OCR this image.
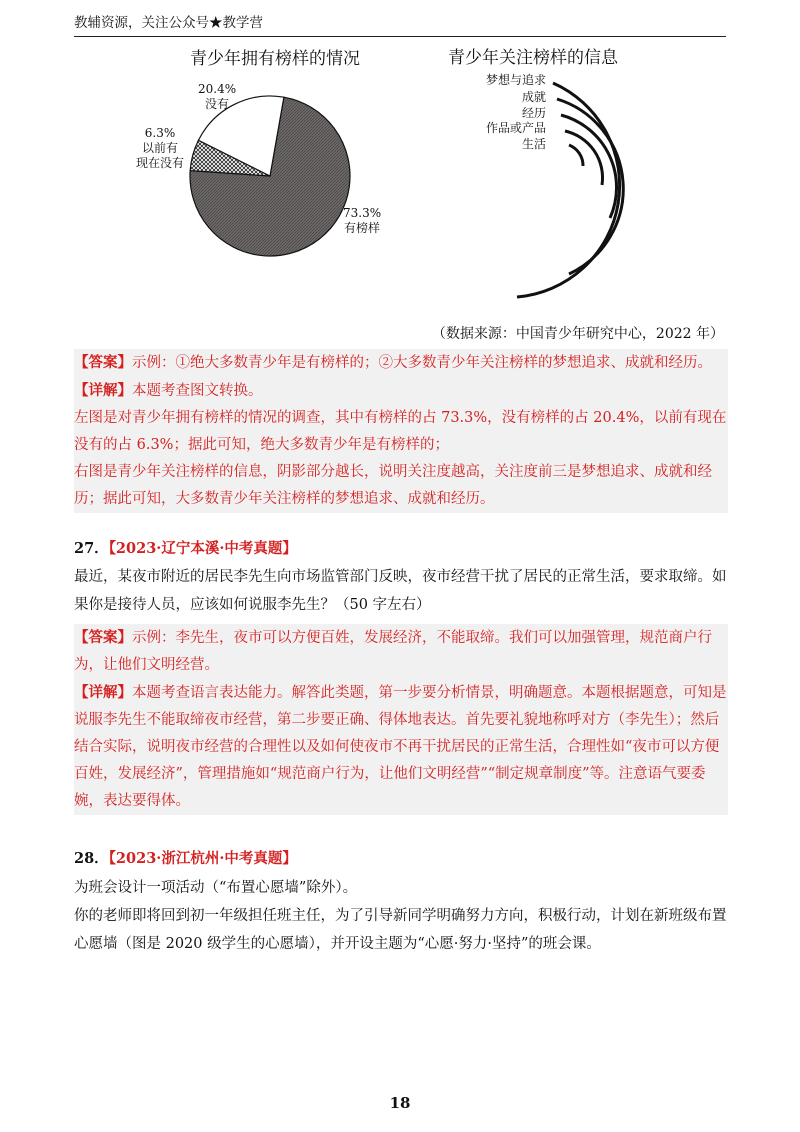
教辅资源，关注公众号★教学营
青少年拥有榜样的情况
20.4%
没有
6.3%
以前有
现在没有
73.3%
有榜样
青少年关注榜样的信息
梦想与追求
成就
经历
作品或产品
生活
（数据来源：中国青少年研究中心，2022 年）

【答案】示例：①绝大多数青少年是有榜样的；②大多数青少年关注榜样的梦想追求、成就和经历。

【详解】本题考查图文转换。

左图是对青少年拥有榜样的情况的调查，其中有榜样的占 73.3%，没有榜样的占 20.4%，以前有现在没有的占 6.3%；据此可知，绝大多数青少年是有榜样的；

右图是青少年关注榜样的信息，阴影部分越长，说明关注度越高，关注度前三是梦想追求、成就和经历；据此可知，大多数青少年关注榜样的梦想追求、成就和经历。

27．【2023·辽宁本溪·中考真题】

最近，某夜市附近的居民李先生向市场监管部门反映，夜市经营干扰了居民的正常生活，要求取缔。如果你是接待人员，应该如何说服李先生？（50 字左右）

【答案】示例：李先生，夜市可以方便百姓，发展经济，不能取缔。我们可以加强管理，规范商户行为，让他们文明经营。

【详解】本题考查语言表达能力。解答此类题，第一步要分析情景，明确题意。本题根据题意，可知是说服李先生不能取缔夜市经营，第二步要正确、得体地表达。首先要礼貌地称呼对方（李先生）；然后结合实际，说明夜市经营的合理性以及如何使夜市不再干扰居民的正常生活，合理性如“夜市可以方便百姓，发展经济”，管理措施如“规范商户行为，让他们文明经营”“制定规章制度”等。注意语气要委婉，表达要得体。

28．【2023·浙江杭州·中考真题】

为班会设计一项活动（“布置心愿墙”除外）。

你的老师即将回到初一年级担任班主任，为了引导新同学明确努力方向，积极行动，计划在新班级布置心愿墙（图是 2020 级学生的心愿墙），并开设主题为“心愿·努力·坚持”的班会课。

18
